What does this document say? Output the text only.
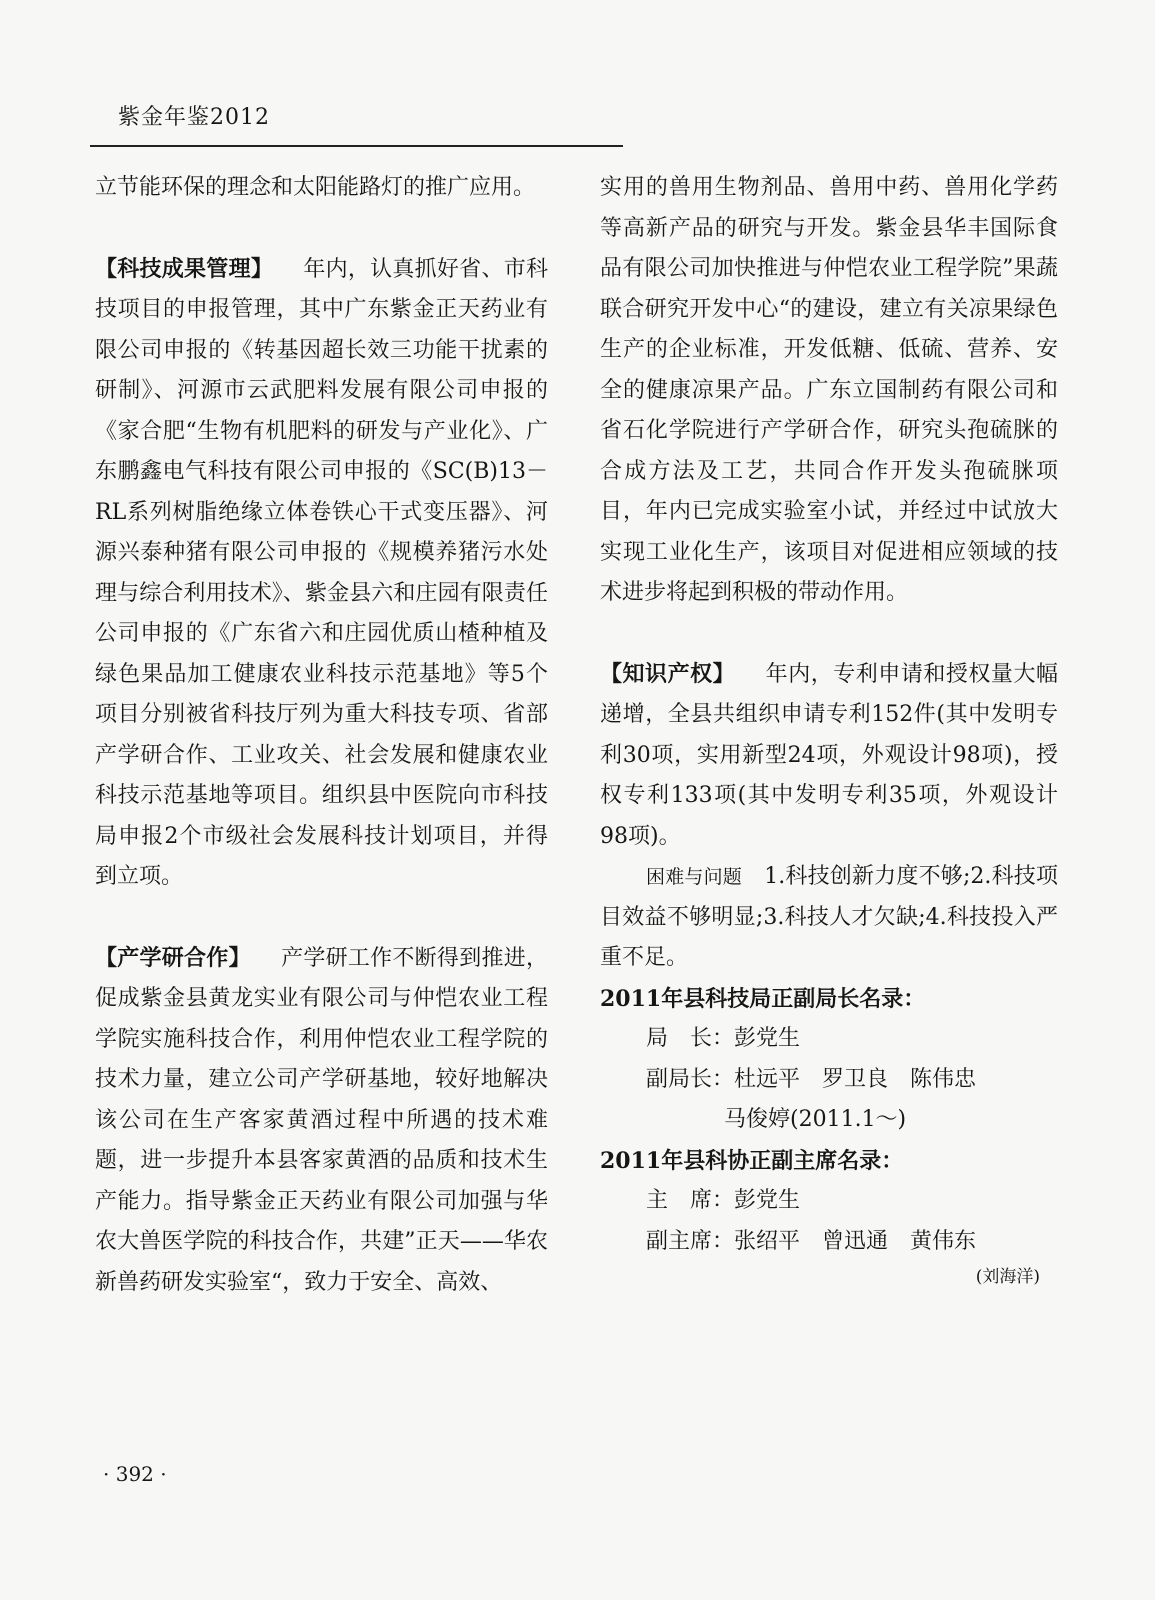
紫金年鉴2012

立节能环保的理念和太阳能路灯的推广应用。

【科技成果管理】 年内，认真抓好省、市科技项目的申报管理，其中广东紫金正天药业有限公司申报的《转基因超长效三功能干扰素的研制》、河源市云武肥料发展有限公司申报的《家合肥“生物有机肥料的研发与产业化》、广东鹏鑫电气科技有限公司申报的《SC(B)13－RL系列树脂绝缘立体卷铁心干式变压器》、河源兴泰种猪有限公司申报的《规模养猪污水处理与综合利用技术》、紫金县六和庄园有限责任公司申报的《广东省六和庄园优质山楂种植及绿色果品加工健康农业科技示范基地》等5个项目分别被省科技厅列为重大科技专项、省部产学研合作、工业攻关、社会发展和健康农业科技示范基地等项目。组织县中医院向市科技局申报2个市级社会发展科技计划项目，并得到立项。

【产学研合作】 产学研工作不断得到推进，促成紫金县黄龙实业有限公司与仲恺农业工程学院实施科技合作，利用仲恺农业工程学院的技术力量，建立公司产学研基地，较好地解决该公司在生产客家黄酒过程中所遇的技术难题，进一步提升本县客家黄酒的品质和技术生产能力。指导紫金正天药业有限公司加强与华农大兽医学院的科技合作，共建”正天——华农新兽药研发实验室“，致力于安全、高效、

实用的兽用生物剂品、兽用中药、兽用化学药等高新产品的研究与开发。紫金县华丰国际食品有限公司加快推进与仲恺农业工程学院”果蔬联合研究开发中心“的建设，建立有关凉果绿色生产的企业标准，开发低糖、低硫、营养、安全的健康凉果产品。广东立国制药有限公司和省石化学院进行产学研合作，研究头孢硫脒的合成方法及工艺，共同合作开发头孢硫脒项目，年内已完成实验室小试，并经过中试放大实现工业化生产，该项目对促进相应领域的技术进步将起到积极的带动作用。

【知识产权】 年内，专利申请和授权量大幅递增，全县共组织申请专利152件(其中发明专利30项，实用新型24项，外观设计98项)，授权专利133项(其中发明专利35项，外观设计98项)。

困难与问题　 1.科技创新力度不够;2.科技项目效益不够明显;3.科技人才欠缺;4.科技投入严重不足。

2011年县科技局正副局长名录：

局　长：彭党生

副局长：杜远平 罗卫良 陈伟忠

马俊婷(2011.1～)

2011年县科协正副主席名录：

主　席：彭党生

副主席：张绍平 曾迅通 黄伟东

(刘海洋)

· 392 ·
